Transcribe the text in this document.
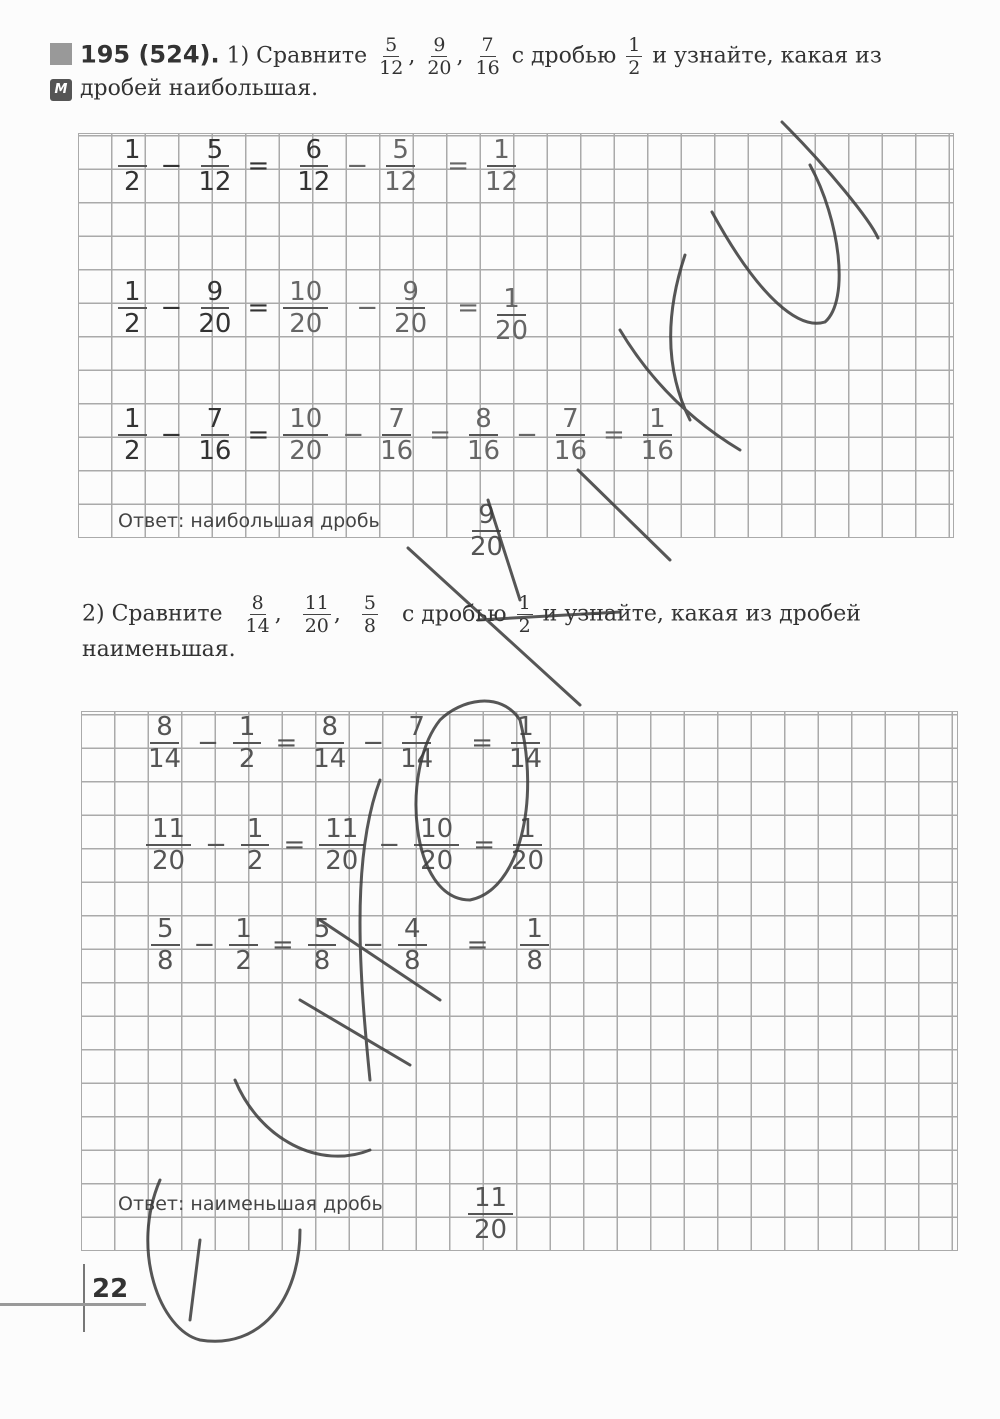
195 (524). 1) Сравните $\frac{5}{12}$ , $\frac{9}{20}$ , $\frac{7}{16}$ с дробью $\frac{1}{2}$ и узнайте, какая из
М дробей наибольшая.
$\frac{1}{2} - \frac{5}{12} = \frac{6}{12} - \frac{5}{12} = \frac{1}{12}$
$\frac{1}{2} - \frac{9}{20} = \frac{10}{20} - \frac{9}{20} = \frac{1}{20}$
$\frac{1}{2} - \frac{7}{16} = \frac{10}{20} - \frac{7}{16} = \frac{8}{16} - \frac{7}{16} = \frac{1}{16}$
Ответ: наибольшая дробь	$\frac{9}{20}$
2) Сравните $\frac{8}{14}$ , $\frac{11}{20}$ , $\frac{5}{8}$ с дробью $\frac{1}{2}$ и узнайте, какая из дробей
наименьшая.
$\frac{8}{14} - \frac{1}{2} = \frac{8}{14} - \frac{7}{14} = \frac{1}{14}$
$\frac{11}{20} - \frac{1}{2} = \frac{11}{20} - \frac{10}{20} = \frac{1}{20}$
$\frac{5}{8} - \frac{1}{2} = \frac{5}{8} - \frac{4}{8} = \frac{1}{8}$
Ответ: наименьшая дробь	$\frac{11}{20}$
22
